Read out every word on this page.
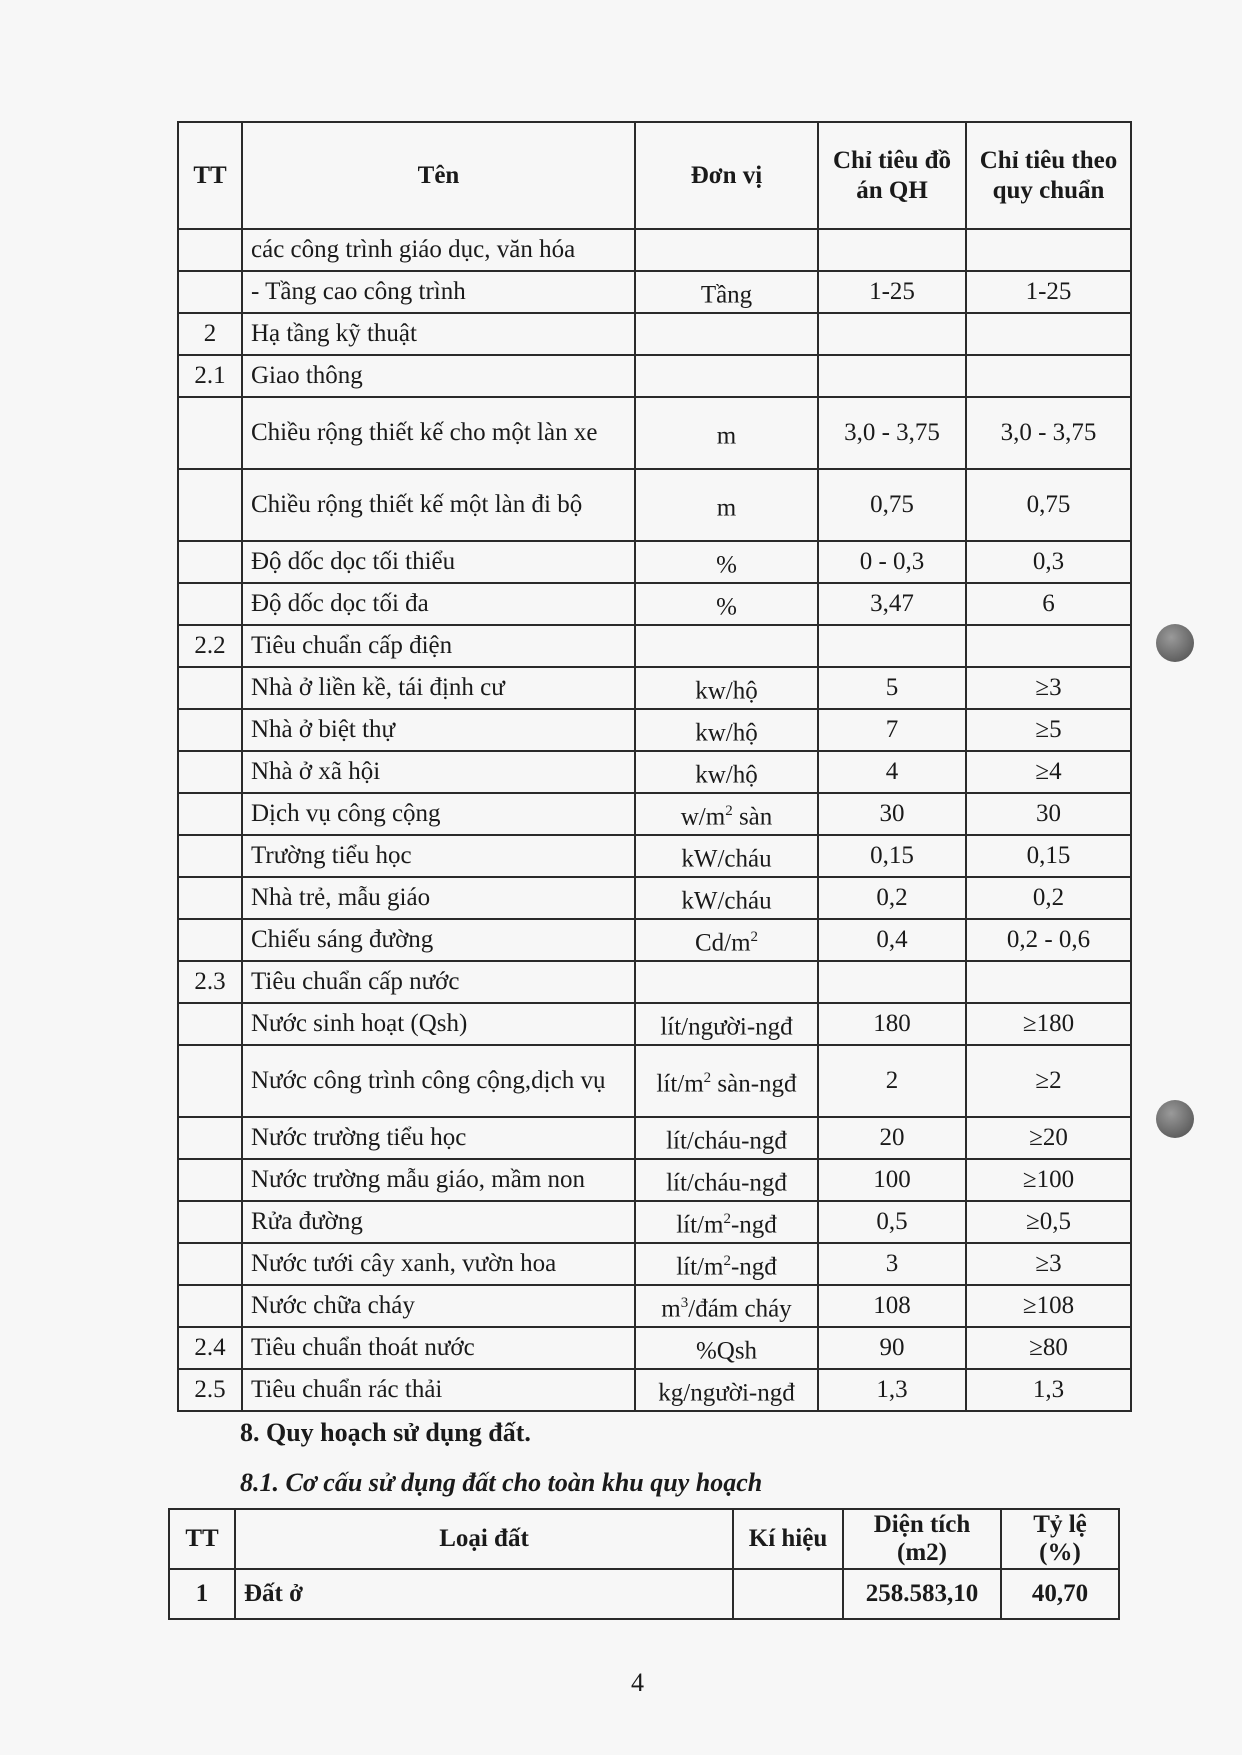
TT	Tên	Đơn vị	Chỉ tiêu đồ án QH	Chỉ tiêu theo quy chuẩn
	các công trình giáo dục, văn hóa			
	- Tầng cao công trình	Tầng	1-25	1-25
2	Hạ tầng kỹ thuật			
2.1	Giao thông			
	Chiều rộng thiết kế cho một làn xe	m	3,0 - 3,75	3,0 - 3,75
	Chiều rộng thiết kế một làn đi bộ	m	0,75	0,75
	Độ dốc dọc tối thiểu	%	0 - 0,3	0,3
	Độ dốc dọc tối đa	%	3,47	6
2.2	Tiêu chuẩn cấp điện			
	Nhà ở liền kề, tái định cư	kw/hộ	5	≥3
	Nhà ở biệt thự	kw/hộ	7	≥5
	Nhà ở xã hội	kw/hộ	4	≥4
	Dịch vụ công cộng	$w/m^2$ sàn	30	30
	Trường tiểu học	kW/cháu	0,15	0,15
	Nhà trẻ, mẫu giáo	kW/cháu	0,2	0,2
	Chiếu sáng đường	$Cd/m^2$	0,4	0,2 - 0,6
2.3	Tiêu chuẩn cấp nước			
	Nước sinh hoạt (Qsh)	lít/người-ngđ	180	≥180
	Nước công trình công cộng,dịch vụ	lít/$m^2$ sàn-ngđ	2	≥2
	Nước trường tiểu học	lít/cháu-ngđ	20	≥20
	Nước trường mẫu giáo, mầm non	lít/cháu-ngđ	100	≥100
	Rửa đường	lít/$m^2$-ngđ	0,5	≥0,5
	Nước tưới cây xanh, vườn hoa	lít/$m^2$-ngđ	3	≥3
	Nước chữa cháy	$m^3$/đám cháy	108	≥108
2.4	Tiêu chuẩn thoát nước	%Qsh	90	≥80
2.5	Tiêu chuẩn rác thải	kg/người-ngđ	1,3	1,3
8. Quy hoạch sử dụng đất.
8.1. Cơ cấu sử dụng đất cho toàn khu quy hoạch
TT	Loại đất	Kí hiệu	Diện tích (m2)	Tỷ lệ (%)
1	Đất ở		258.583,10	40,70
4
